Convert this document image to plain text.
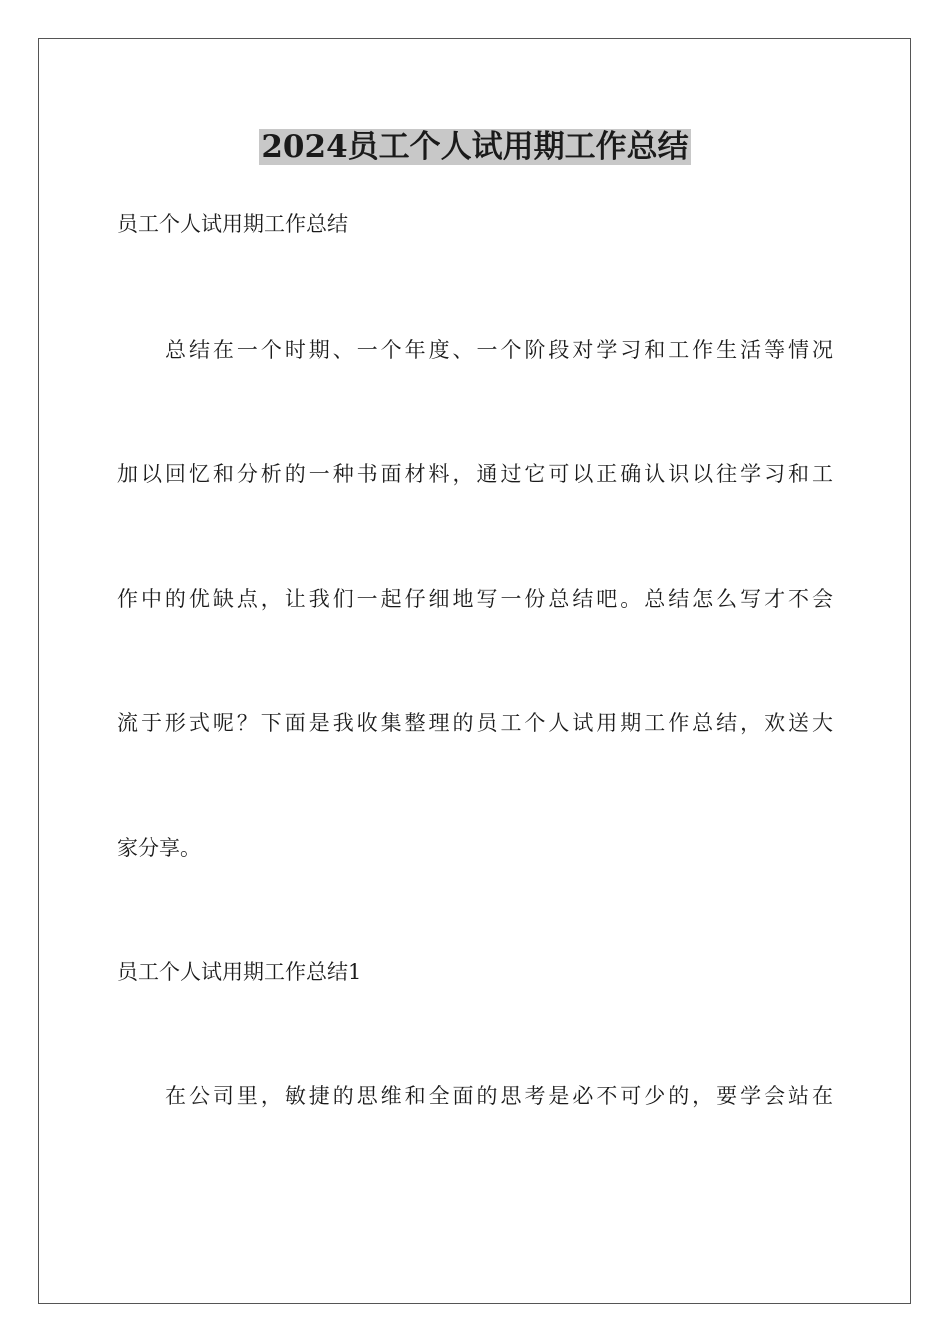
2024员工个人试用期工作总结
员工个人试用期工作总结
总结在一个时期、一个年度、一个阶段对学习和工作生活等情况
加以回忆和分析的一种书面材料，通过它可以正确认识以往学习和工
作中的优缺点，让我们一起仔细地写一份总结吧。总结怎么写才不会
流于形式呢？下面是我收集整理的员工个人试用期工作总结，欢送大
家分享。
员工个人试用期工作总结1
在公司里，敏捷的思维和全面的思考是必不可少的，要学会站在
